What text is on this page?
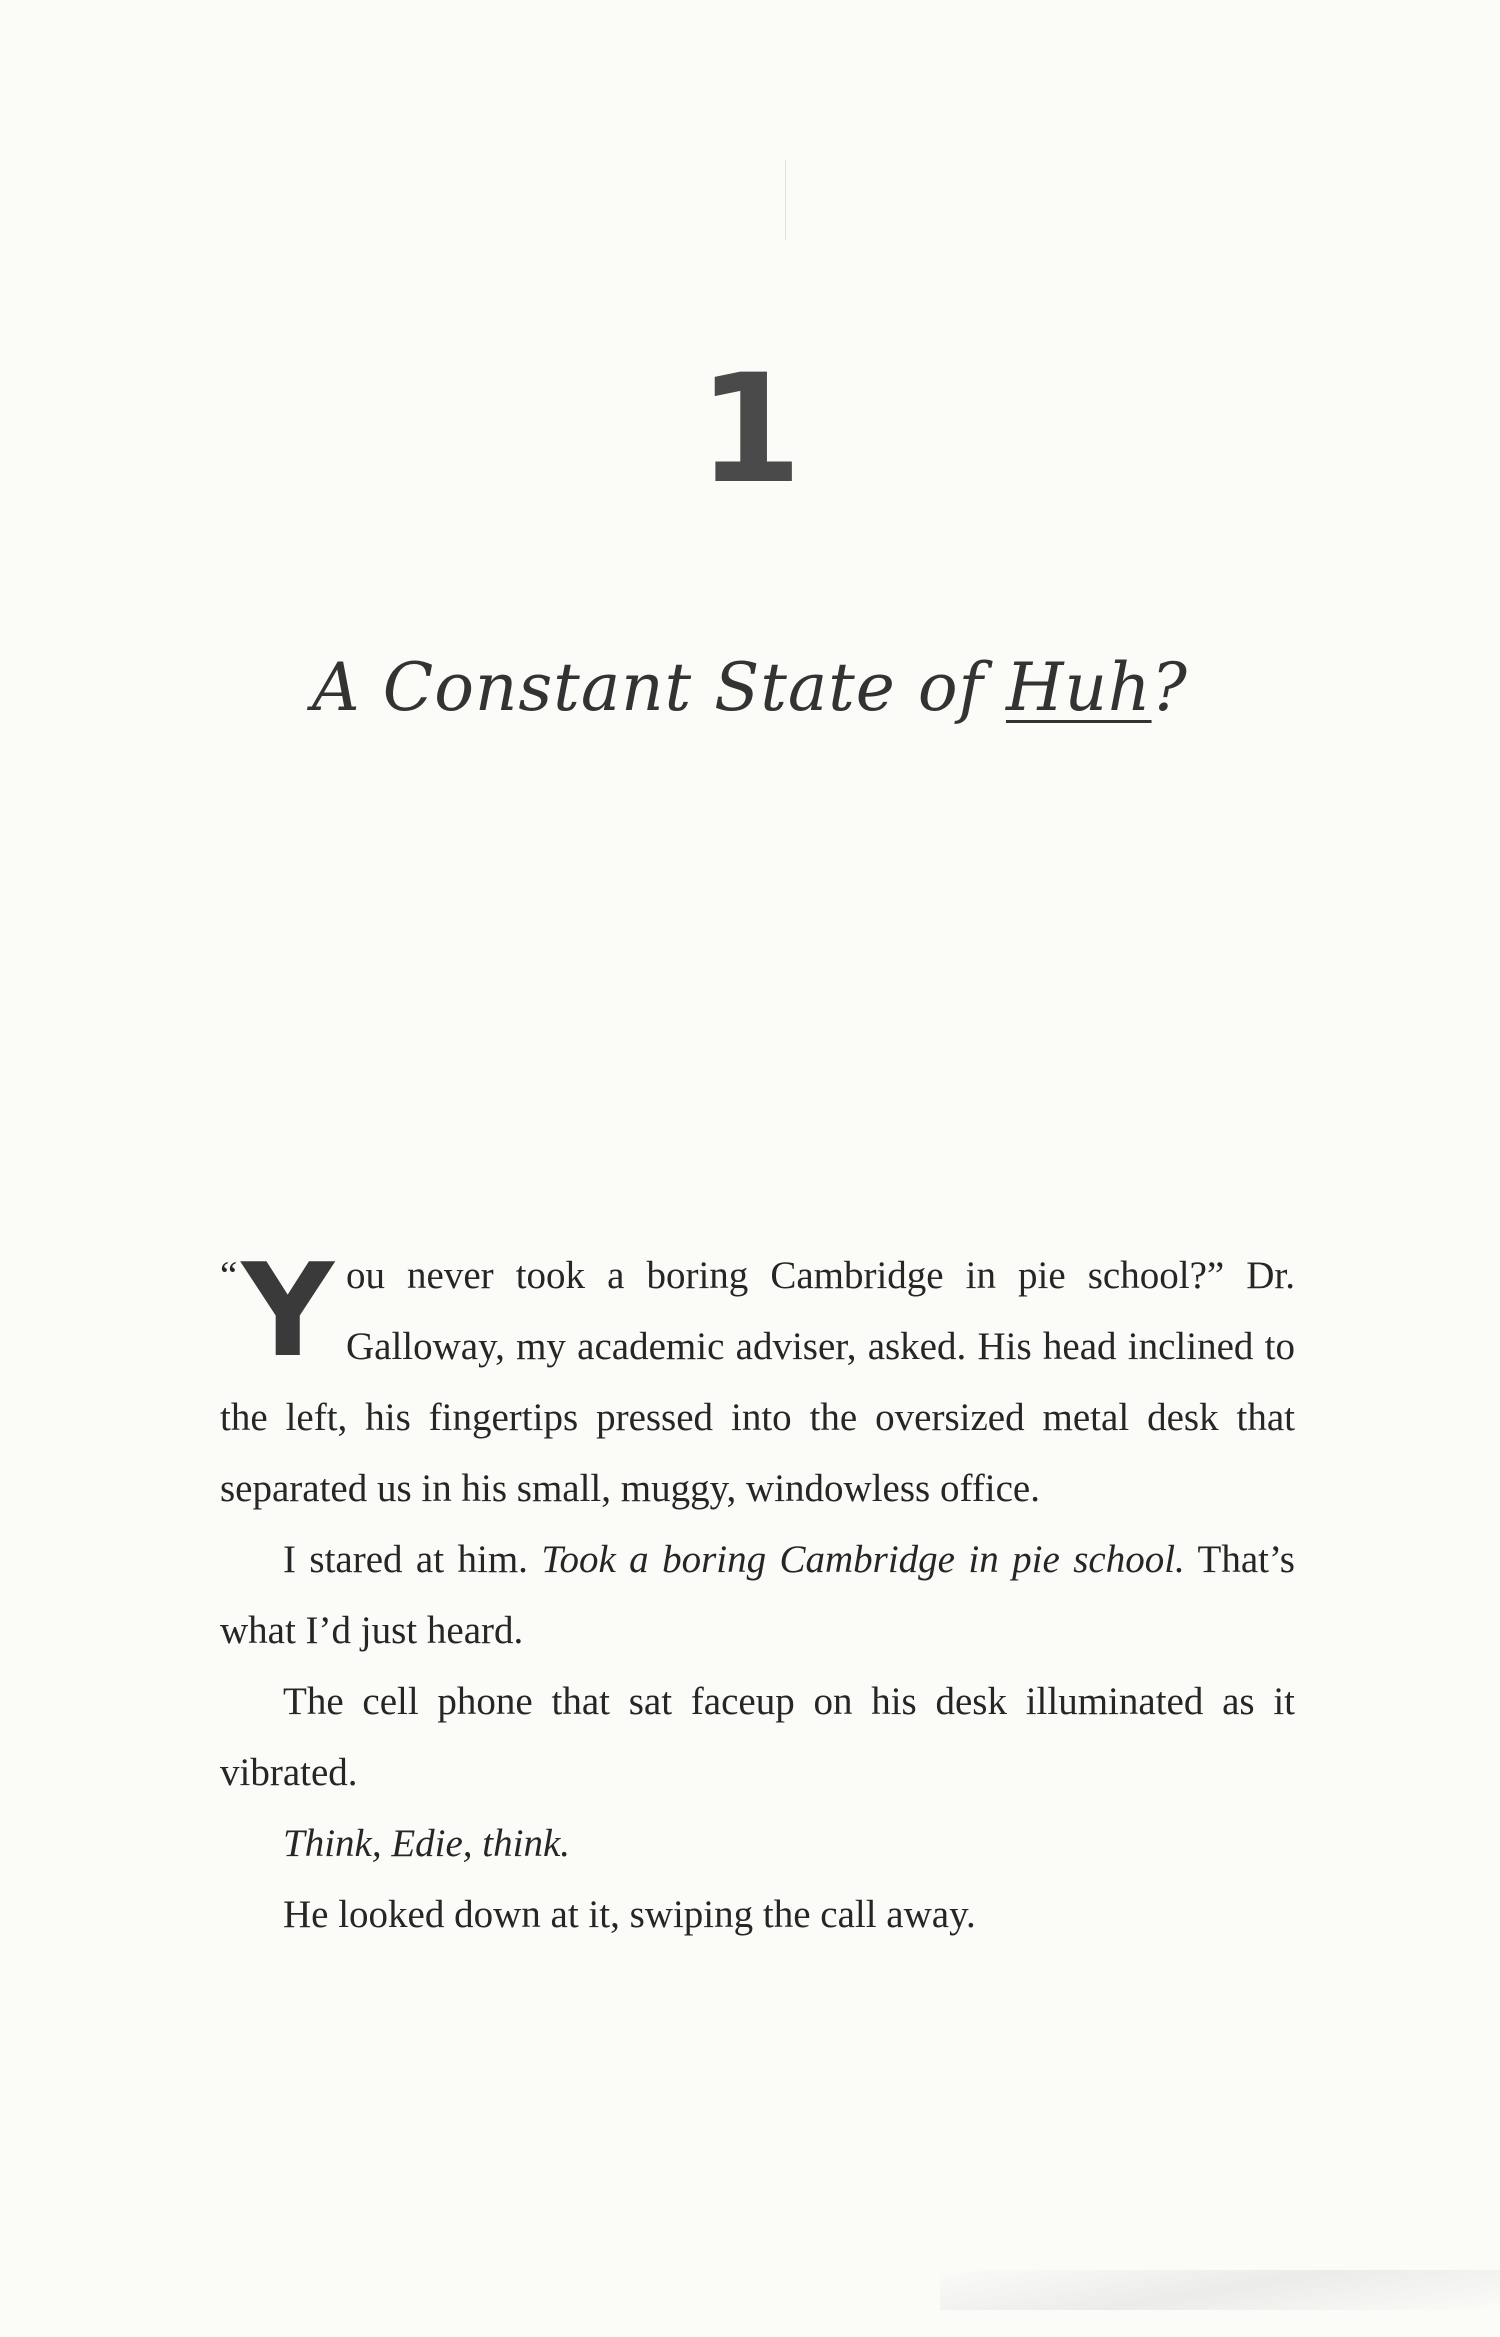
1
A Constant State of Huh?

“ Y ou never took a boring Cambridge in pie school?” Dr. Galloway, my academic adviser, asked. His head inclined to the left, his fingertips pressed into the oversized metal desk that separated us in his small, muggy, windowless office.

I stared at him. Took a boring Cambridge in pie school. That’s what I’d just heard.

The cell phone that sat faceup on his desk illuminated as it vibrated.

Think, Edie, think.

He looked down at it, swiping the call away.
